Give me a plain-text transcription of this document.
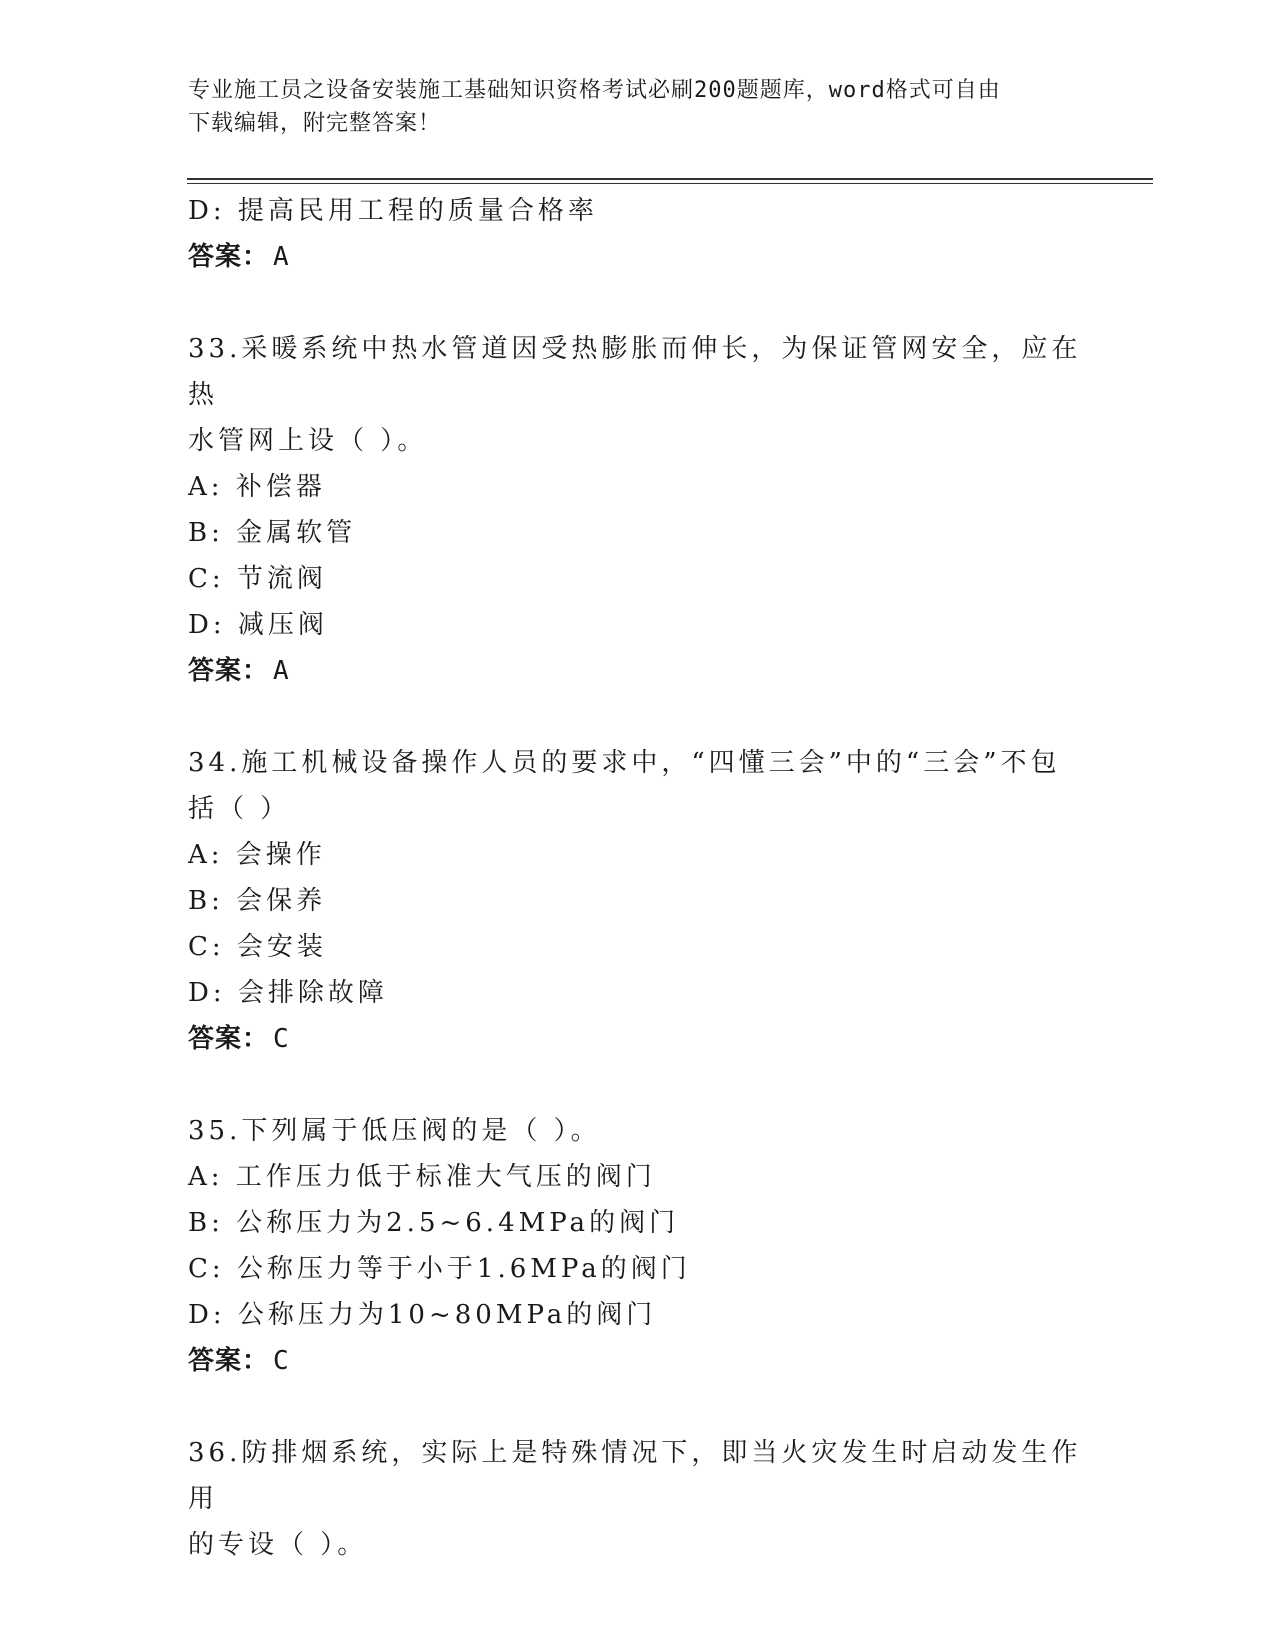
专业施工员之设备安装施工基础知识资格考试必刷200题题库，word格式可自由
下载编辑，附完整答案！
D: 提高民用工程的质量合格率
答案： A
33.采暖系统中热水管道因受热膨胀而伸长，为保证管网安全，应在热
水管网上设（ ）。
A: 补偿器
B: 金属软管
C: 节流阀
D: 减压阀
答案： A
34.施工机械设备操作人员的要求中，“四懂三会”中的“三会”不包
括（ ）
A: 会操作
B: 会保养
C: 会安装
D: 会排除故障
答案： C
35.下列属于低压阀的是（ ）。
A: 工作压力低于标准大气压的阀门
B: 公称压力为2.5~6.4MPa的阀门
C: 公称压力等于小于1.6MPa的阀门
D: 公称压力为10~80MPa的阀门
答案： C
36.防排烟系统，实际上是特殊情况下，即当火灾发生时启动发生作用
的专设（ ）。
